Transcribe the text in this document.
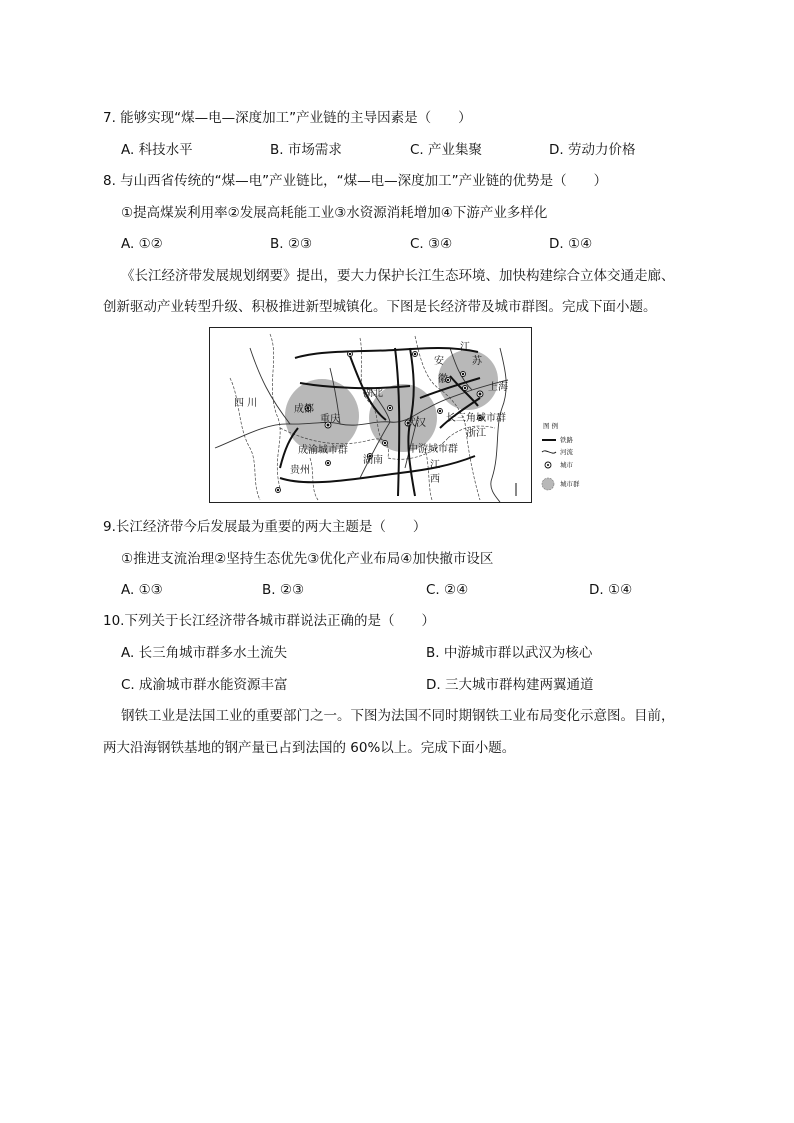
7. 能够实现“煤—电—深度加工”产业链的主导因素是（　　）
A. 科技水平	B. 市场需求	C. 产业集聚	D. 劳动力价格
8. 与山西省传统的“煤—电”产业链比，“煤—电—深度加工”产业链的优势是（　　）
①提高煤炭利用率②发展高耗能工业③水资源消耗增加④下游产业多样化
A. ①②	B. ②③	C. ③④	D. ①④
《长江经济带发展规划纲要》提出，要大力保护长江生态环境、加快构建综合立体交通走廊、
创新驱动产业转型升级、积极推进新型城镇化。下图是长经济带及城市群图。完成下面小题。
四 川
湖北
安
徽
江
苏
上海
成都
重庆	武汉 长三角城市群
浙江
成渝城市群
贵州
湖南
中游城市群
江
西
图 例
铁路
河流
城市
城市群
9.长江经济带今后发展最为重要的两大主题是（　　）
①推进支流治理②坚持生态优先③优化产业布局④加快撤市设区
A. ①③	B. ②③	C. ②④	D. ①④
10.下列关于长江经济带各城市群说法正确的是（　　）
A. 长三角城市群多水土流失	B. 中游城市群以武汉为核心
C. 成渝城市群水能资源丰富	D. 三大城市群构建两翼通道
钢铁工业是法国工业的重要部门之一。下图为法国不同时期钢铁工业布局变化示意图。目前，
两大沿海钢铁基地的钢产量已占到法国的 60%以上。完成下面小题。
